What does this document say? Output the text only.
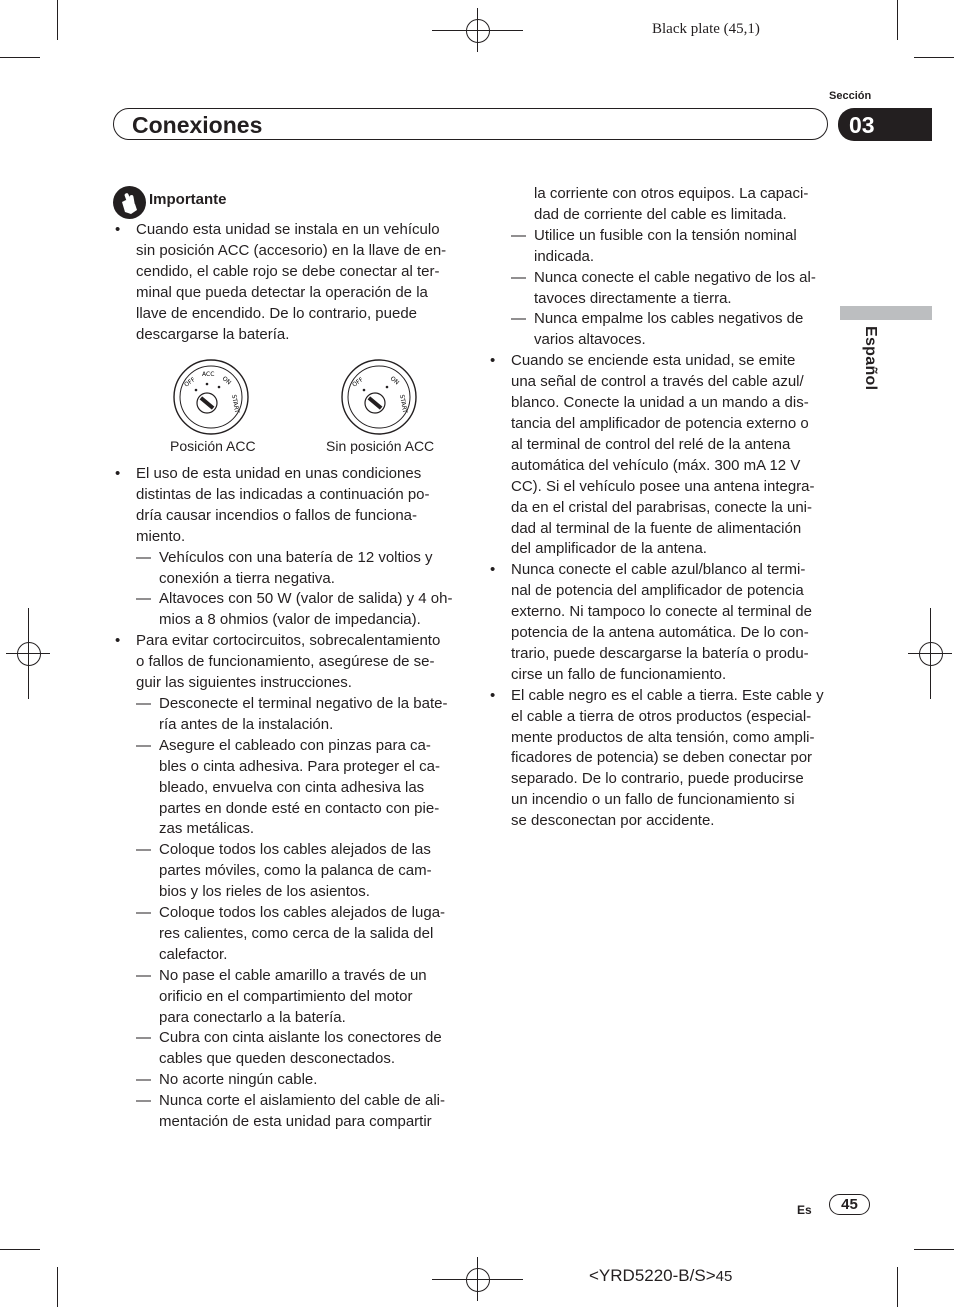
Black plate (45,1)
Sección
Conexiones	03
Español
Importante

• Cuando esta unidad se instala en un vehículo

sin posición ACC (accesorio) en la llave de en-

cendido, el cable rojo se debe conectar al ter-

minal que pueda detectar la operación de la

llave de encendido. De lo contrario, puede

descargarse la batería.

OFF
ACC
ON
START
OFF	ON
START
Posición ACC	Sin posición ACC

• El uso de esta unidad en unas condiciones

distintas de las indicadas a continuación po-

dría causar incendios o fallos de funciona-

miento.

— Vehículos con una batería de 12 voltios y

conexión a tierra negativa.

— Altavoces con 50 W (valor de salida) y 4 oh-

mios a 8 ohmios (valor de impedancia).

• Para evitar cortocircuitos, sobrecalentamiento

o fallos de funcionamiento, asegúrese de se-

guir las siguientes instrucciones.

— Desconecte el terminal negativo de la bate-

ría antes de la instalación.

— Asegure el cableado con pinzas para ca-

bles o cinta adhesiva. Para proteger el ca-

bleado, envuelva con cinta adhesiva las

partes en donde esté en contacto con pie-

zas metálicas.

— Coloque todos los cables alejados de las

partes móviles, como la palanca de cam-

bios y los rieles de los asientos.

— Coloque todos los cables alejados de luga-

res calientes, como cerca de la salida del

calefactor.

— No pase el cable amarillo a través de un

orificio en el compartimiento del motor

para conectarlo a la batería.

— Cubra con cinta aislante los conectores de

cables que queden desconectados.

— No acorte ningún cable.

— Nunca corte el aislamiento del cable de ali-

mentación de esta unidad para compartir

la corriente con otros equipos. La capaci-

dad de corriente del cable es limitada.

— Utilice un fusible con la tensión nominal

indicada.

— Nunca conecte el cable negativo de los al-

tavoces directamente a tierra.

— Nunca empalme los cables negativos de

varios altavoces.

• Cuando se enciende esta unidad, se emite

una señal de control a través del cable azul/

blanco. Conecte la unidad a un mando a dis-

tancia del amplificador de potencia externo o

al terminal de control del relé de la antena

automática del vehículo (máx. 300 mA 12 V

CC). Si el vehículo posee una antena integra-

da en el cristal del parabrisas, conecte la uni-

dad al terminal de la fuente de alimentación

del amplificador de la antena.

• Nunca conecte el cable azul/blanco al termi-

nal de potencia del amplificador de potencia

externo. Ni tampoco lo conecte al terminal de

potencia de la antena automática. De lo con-

trario, puede descargarse la batería o produ-

cirse un fallo de funcionamiento.

• El cable negro es el cable a tierra. Este cable y

el cable a tierra de otros productos (especial-

mente productos de alta tensión, como ampli-

ficadores de potencia) se deben conectar por

separado. De lo contrario, puede producirse

un incendio o un fallo de funcionamiento si

se desconectan por accidente.

Es	45
<YRD5220-B/S>45
